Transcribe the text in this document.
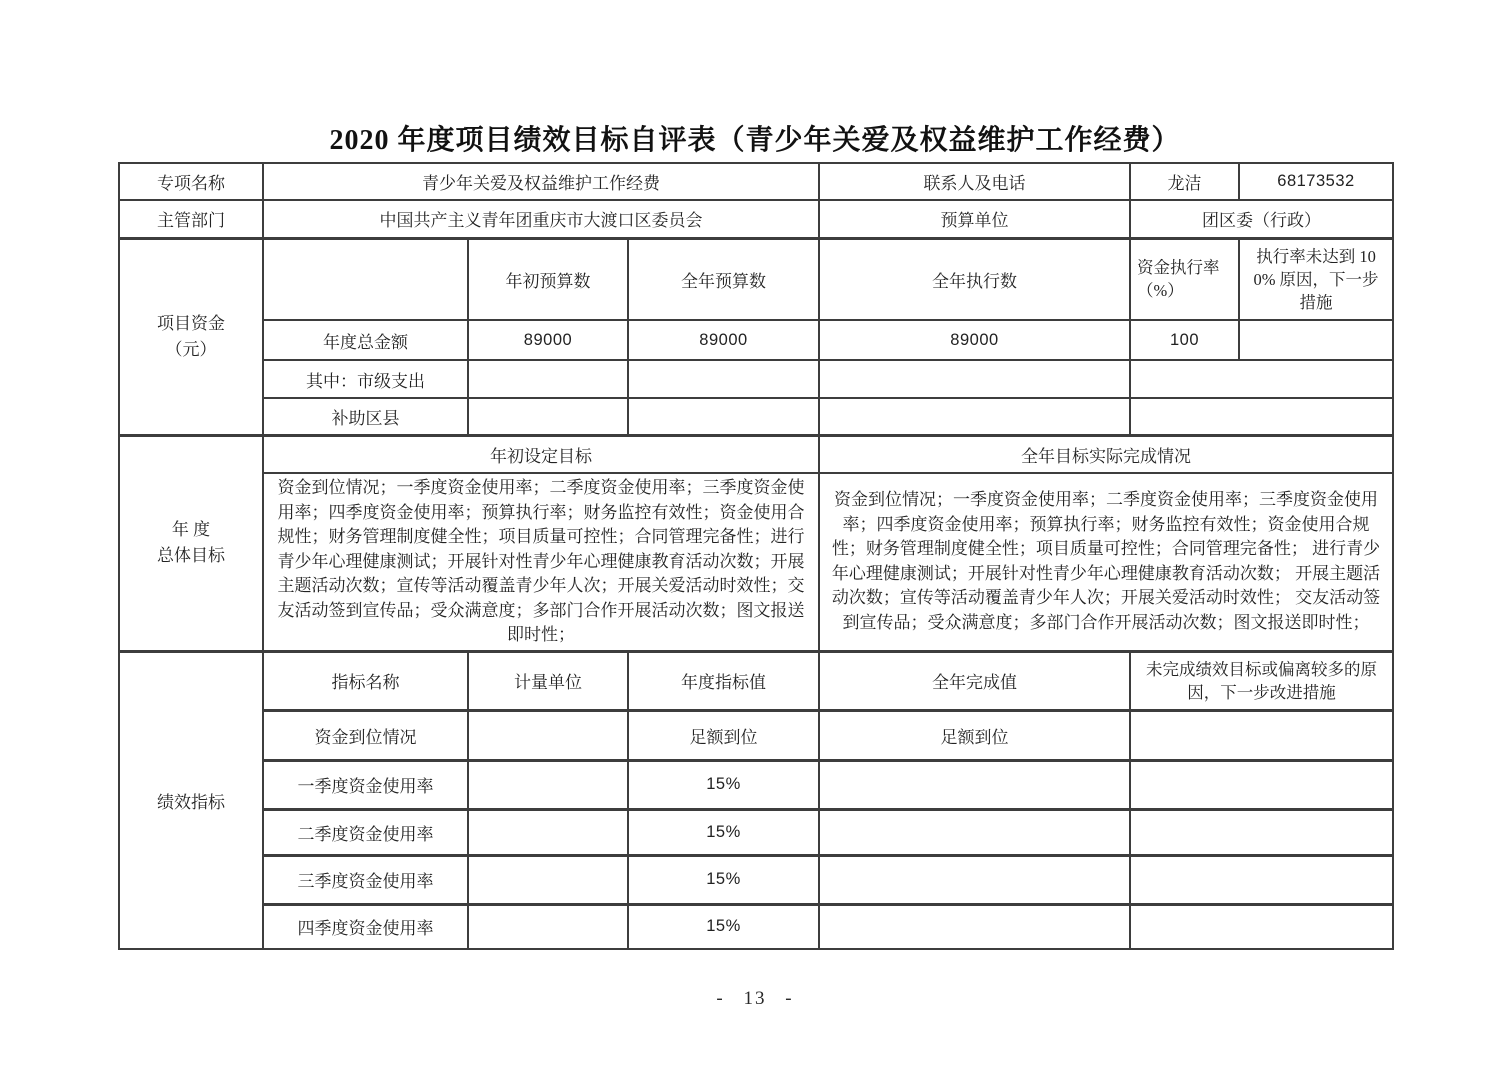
2020 年度项目绩效目标自评表（青少年关爱及权益维护工作经费）
专项名称	青少年关爱及权益维护工作经费			联系人及电话	龙洁	68173532
主管部门	中国共产主义青年团重庆市大渡口区委员会			预算单位	团区委（行政）	

项目资金
（元）		年初预算数	全年预算数	全年执行数	资金执行率（%）	执行率未达到 100% 原因，下一步措施
	年度总金额	89000	89000	89000	100	
	其中：市级支出					
	补助区县					

年 度
总体目标	年初设定目标			全年目标实际完成情况		
	资金到位情况；一季度资金使用率；二季度资金使用率；三季度资金使用率；四季度资金使用率；预算执行率；财务监控有效性；资金使用合规性；财务管理制度健全性；项目质量可控性；合同管理完备性；进行青少年心理健康测试；开展针对性青少年心理健康教育活动次数；开展主题活动次数；宣传等活动覆盖青少年人次；开展关爱活动时效性；交友活动签到宣传品；受众满意度；多部门合作开展活动次数；图文报送即时性；			资金到位情况；一季度资金使用率；二季度资金使用率；三季度资金使用率；四季度资金使用率；预算执行率；财务监控有效性；资金使用合规性；财务管理制度健全性；项目质量可控性；合同管理完备性； 进行青少年心理健康测试；开展针对性青少年心理健康教育活动次数； 开展主题活动次数；宣传等活动覆盖青少年人次；开展关爱活动时效性； 交友活动签到宣传品；受众满意度；多部门合作开展活动次数；图文报送即时性；		
绩效指标	指标名称	计量单位	年度指标值	全年完成值	未完成绩效目标或偏离较多的原因，下一步改进措施	
	资金到位情况		足额到位	足额到位		
	一季度资金使用率		15%			
	二季度资金使用率		15%			
	三季度资金使用率		15%			
	四季度资金使用率		15%			
- 13 -
